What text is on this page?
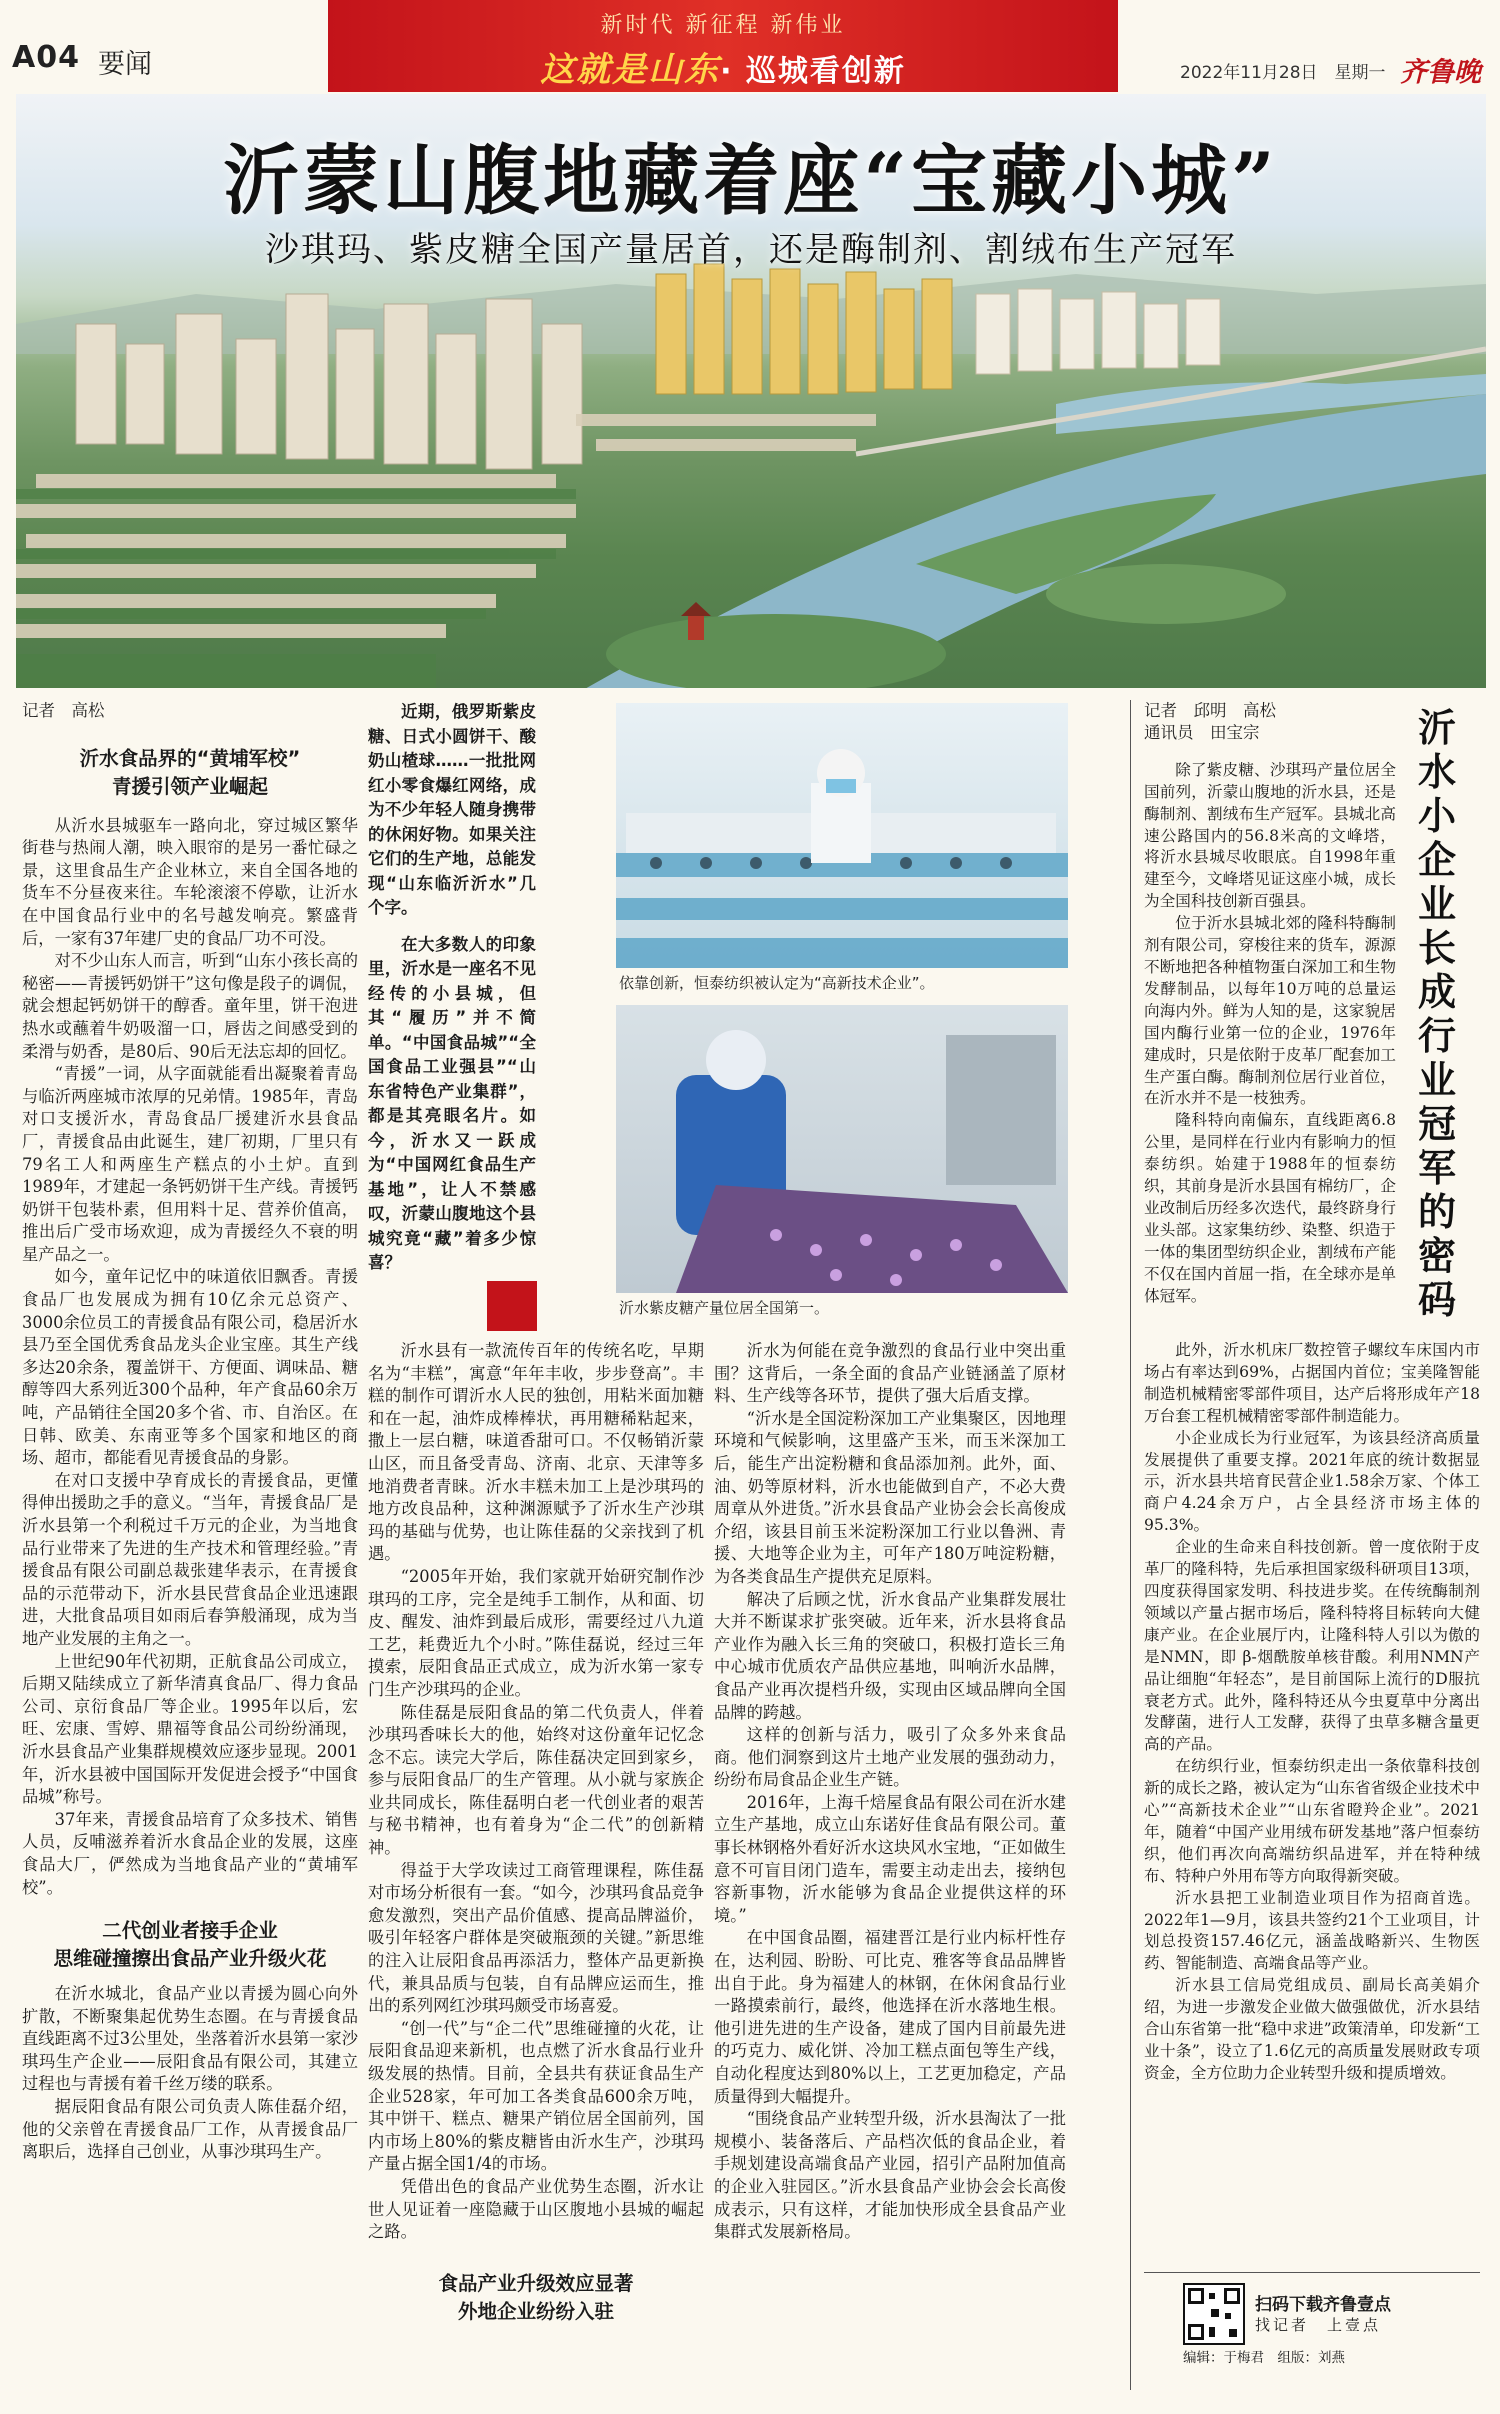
A04 要闻
新时代 新征程 新伟业
这就是山东· 巡城看创新	2022年11月28日　星期一 齐鲁晚
沂蒙山腹地藏着座“宝藏小城”
沙琪玛、紫皮糖全国产量居首，还是酶制剂、割绒布生产冠军
记者　高松
沂水食品界的“黄埔军校”
青援引领产业崛起

从沂水县城驱车一路向北，穿过城区繁华街巷与热闹人潮，映入眼帘的是另一番忙碌之景，这里食品生产企业林立，来自全国各地的货车不分昼夜来往。车轮滚滚不停歇，让沂水在中国食品行业中的名号越发响亮。繁盛背后，一家有37年建厂史的食品厂功不可没。

对不少山东人而言，听到“山东小孩长高的秘密——青援钙奶饼干”这句像是段子的调侃，就会想起钙奶饼干的醇香。童年里，饼干泡进热水或蘸着牛奶吸溜一口，唇齿之间感受到的柔滑与奶香，是80后、90后无法忘却的回忆。

“青援”一词，从字面就能看出凝聚着青岛与临沂两座城市浓厚的兄弟情。1985年，青岛对口支援沂水，青岛食品厂援建沂水县食品厂，青援食品由此诞生，建厂初期，厂里只有79名工人和两座生产糕点的小土炉。直到1989年，才建起一条钙奶饼干生产线。青援钙奶饼干包装朴素，但用料十足、营养价值高，推出后广受市场欢迎，成为青援经久不衰的明星产品之一。

如今，童年记忆中的味道依旧飘香。青援食品厂也发展成为拥有10亿余元总资产、3000余位员工的青援食品有限公司，稳居沂水县乃至全国优秀食品龙头企业宝座。其生产线多达20余条，覆盖饼干、方便面、调味品、糖醇等四大系列近300个品种，年产食品60余万吨，产品销往全国20多个省、市、自治区。在日韩、欧美、东南亚等多个国家和地区的商场、超市，都能看见青援食品的身影。

在对口支援中孕育成长的青援食品，更懂得伸出援助之手的意义。“当年，青援食品厂是沂水县第一个利税过千万元的企业，为当地食品行业带来了先进的生产技术和管理经验。”青援食品有限公司副总裁张建华表示，在青援食品的示范带动下，沂水县民营食品企业迅速跟进，大批食品项目如雨后春笋般涌现，成为当地产业发展的主角之一。

上世纪90年代初期，正航食品公司成立，后期又陆续成立了新华清真食品厂、得力食品公司、京衍食品厂等企业。1995年以后，宏旺、宏康、雪婷、鼎福等食品公司纷纷涌现，沂水县食品产业集群规模效应逐步显现。2001年，沂水县被中国国际开发促进会授予“中国食品城”称号。

37年来，青援食品培育了众多技术、销售人员，反哺滋养着沂水食品企业的发展，这座食品大厂，俨然成为当地食品产业的“黄埔军校”。

二代创业者接手企业
思维碰撞擦出食品产业升级火花

在沂水城北，食品产业以青援为圆心向外扩散，不断聚集起优势生态圈。在与青援食品直线距离不过3公里处，坐落着沂水县第一家沙琪玛生产企业——辰阳食品有限公司，其建立过程也与青援有着千丝万缕的联系。

据辰阳食品有限公司负责人陈佳磊介绍，他的父亲曾在青援食品厂工作，从青援食品厂离职后，选择自己创业，从事沙琪玛生产。

近期，俄罗斯紫皮糖、日式小圆饼干、酸奶山楂球……一批批网红小零食爆红网络，成为不少年轻人随身携带的休闲好物。如果关注它们的生产地，总能发现“山东临沂沂水”几个字。

在大多数人的印象里，沂水是一座名不见经传的小县城，但其“履历”并不简单。“中国食品城”“全国食品工业强县”“山东省特色产业集群”，都是其亮眼名片。如今，沂水又一跃成为“中国网红食品生产基地”，让人不禁感叹，沂蒙山腹地这个县城究竟“藏”着多少惊喜？

沂水县有一款流传百年的传统名吃，早期名为“丰糕”，寓意“年年丰收，步步登高”。丰糕的制作可谓沂水人民的独创，用粘米面加糖和在一起，油炸成棒棒状，再用糖稀粘起来，撒上一层白糖，味道香甜可口。不仅畅销沂蒙山区，而且备受青岛、济南、北京、天津等多地消费者青睐。沂水丰糕未加工上是沙琪玛的地方改良品种，这种渊源赋予了沂水生产沙琪玛的基础与优势，也让陈佳磊的父亲找到了机遇。

“2005年开始，我们家就开始研究制作沙琪玛的工序，完全是纯手工制作，从和面、切皮、醒发、油炸到最后成形，需要经过八九道工艺，耗费近九个小时。”陈佳磊说，经过三年摸索，辰阳食品正式成立，成为沂水第一家专门生产沙琪玛的企业。

陈佳磊是辰阳食品的第二代负责人，伴着沙琪玛香味长大的他，始终对这份童年记忆念念不忘。读完大学后，陈佳磊决定回到家乡，参与辰阳食品厂的生产管理。从小就与家族企业共同成长，陈佳磊明白老一代创业者的艰苦与秘书精神，也有着身为“企二代”的创新精神。

得益于大学攻读过工商管理课程，陈佳磊对市场分析很有一套。“如今，沙琪玛食品竞争愈发激烈，突出产品价值感、提高品牌溢价，吸引年轻客户群体是突破瓶颈的关键。”新思维的注入让辰阳食品再添活力，整体产品更新换代，兼具品质与包装，自有品牌应运而生，推出的系列网红沙琪玛颇受市场喜爱。

“创一代”与“企二代”思维碰撞的火花，让辰阳食品迎来新机，也点燃了沂水食品行业升级发展的热情。目前，全县共有获证食品生产企业528家，年可加工各类食品600余万吨，其中饼干、糕点、糖果产销位居全国前列，国内市场上80%的紫皮糖皆由沂水生产，沙琪玛产量占据全国1/4的市场。

凭借出色的食品产业优势生态圈，沂水让世人见证着一座隐藏于山区腹地小县城的崛起之路。

食品产业升级效应显著
外地企业纷纷入驻
依靠创新，恒泰纺织被认定为“高新技术企业”。
沂水紫皮糖产量位居全国第一。

沂水为何能在竞争激烈的食品行业中突出重围？这背后，一条全面的食品产业链涵盖了原材料、生产线等各环节，提供了强大后盾支撑。

“沂水是全国淀粉深加工产业集聚区，因地理环境和气候影响，这里盛产玉米，而玉米深加工后，能生产出淀粉糖和食品添加剂。此外，面、油、奶等原材料，沂水也能做到自产，不必大费周章从外进货。”沂水县食品产业协会会长高俊成介绍，该县目前玉米淀粉深加工行业以鲁洲、青援、大地等企业为主，可年产180万吨淀粉糖，为各类食品生产提供充足原料。

解决了后顾之忧，沂水食品产业集群发展壮大并不断谋求扩张突破。近年来，沂水县将食品产业作为融入长三角的突破口，积极打造长三角中心城市优质农产品供应基地，叫响沂水品牌，食品产业再次提档升级，实现由区域品牌向全国品牌的跨越。

这样的创新与活力，吸引了众多外来食品商。他们洞察到这片土地产业发展的强劲动力，纷纷布局食品企业生产链。

2016年，上海千焙屋食品有限公司在沂水建立生产基地，成立山东诺好佳食品有限公司。董事长林钢格外看好沂水这块风水宝地，“正如做生意不可盲目闭门造车，需要主动走出去，接纳包容新事物，沂水能够为食品企业提供这样的环境。”

在中国食品圈，福建晋江是行业内标杆性存在，达利园、盼盼、可比克、雅客等食品品牌皆出自于此。身为福建人的林钢，在休闲食品行业一路摸索前行，最终，他选择在沂水落地生根。他引进先进的生产设备，建成了国内目前最先进的巧克力、威化饼、冷加工糕点面包等生产线，自动化程度达到80%以上，工艺更加稳定，产品质量得到大幅提升。

“围绕食品产业转型升级，沂水县淘汰了一批规模小、装备落后、产品档次低的食品企业，着手规划建设高端食品产业园，招引产品附加值高的企业入驻园区。”沂水县食品产业协会会长高俊成表示，只有这样，才能加快形成全县食品产业集群式发展新格局。

沂水小企业长成行业冠军的密码
记者　邱明　高松
通讯员　田宝宗

除了紫皮糖、沙琪玛产量位居全国前列，沂蒙山腹地的沂水县，还是酶制剂、割绒布生产冠军。县城北高速公路国内的56.8米高的文峰塔，将沂水县城尽收眼底。自1998年重建至今，文峰塔见证这座小城，成长为全国科技创新百强县。

位于沂水县城北郊的隆科特酶制剂有限公司，穿梭往来的货车，源源不断地把各种植物蛋白深加工和生物发酵制品，以每年10万吨的总量运向海内外。鲜为人知的是，这家貌居国内酶行业第一位的企业，1976年建成时，只是依附于皮革厂配套加工生产蛋白酶。酶制剂位居行业首位，在沂水并不是一枝独秀。

隆科特向南偏东，直线距离6.8公里，是同样在行业内有影响力的恒泰纺织。始建于1988年的恒泰纺织，其前身是沂水县国有棉纺厂，企业改制后历经多次迭代，最终跻身行业头部。这家集纺纱、染整、织造于一体的集团型纺织企业，割绒布产能不仅在国内首屈一指，在全球亦是单体冠军。

此外，沂水机床厂数控管子螺纹车床国内市场占有率达到69%，占据国内首位；宝美隆智能制造机械精密零部件项目，达产后将形成年产18万台套工程机械精密零部件制造能力。

小企业成长为行业冠军，为该县经济高质量发展提供了重要支撑。2021年底的统计数据显示，沂水县共培育民营企业1.58余万家、个体工商户4.24余万户，占全县经济市场主体的95.3%。

企业的生命来自科技创新。曾一度依附于皮革厂的隆科特，先后承担国家级科研项目13项，四度获得国家发明、科技进步奖。在传统酶制剂领域以产量占据市场后，隆科特将目标转向大健康产业。在企业展厅内，让隆科特人引以为傲的是NMN，即 β-烟酰胺单核苷酸。利用NMN产品让细胞“年轻态”，是目前国际上流行的D服抗衰老方式。此外，隆科特还从今虫夏草中分离出发酵菌，进行人工发酵，获得了虫草多糖含量更高的产品。

在纺织行业，恒泰纺织走出一条依靠科技创新的成长之路，被认定为“山东省省级企业技术中心”“高新技术企业”“山东省瞪羚企业”。2021年，随着“中国产业用绒布研发基地”落户恒泰纺织，他们再次向高端纺织品进军，并在特种绒布、特种户外用布等方向取得新突破。

沂水县把工业制造业项目作为招商首选。2022年1—9月，该县共签约21个工业项目，计划总投资157.46亿元，涵盖战略新兴、生物医药、智能制造、高端食品等产业。

沂水县工信局党组成员、副局长高美娟介绍，为进一步激发企业做大做强做优，沂水县结合山东省第一批“稳中求进”政策清单，印发新“工业十条”，设立了1.6亿元的高质量发展财政专项资金，全方位助力企业转型升级和提质增效。

扫码下载齐鲁壹点
找记者　上壹点
编辑：于梅君　组版：刘燕
